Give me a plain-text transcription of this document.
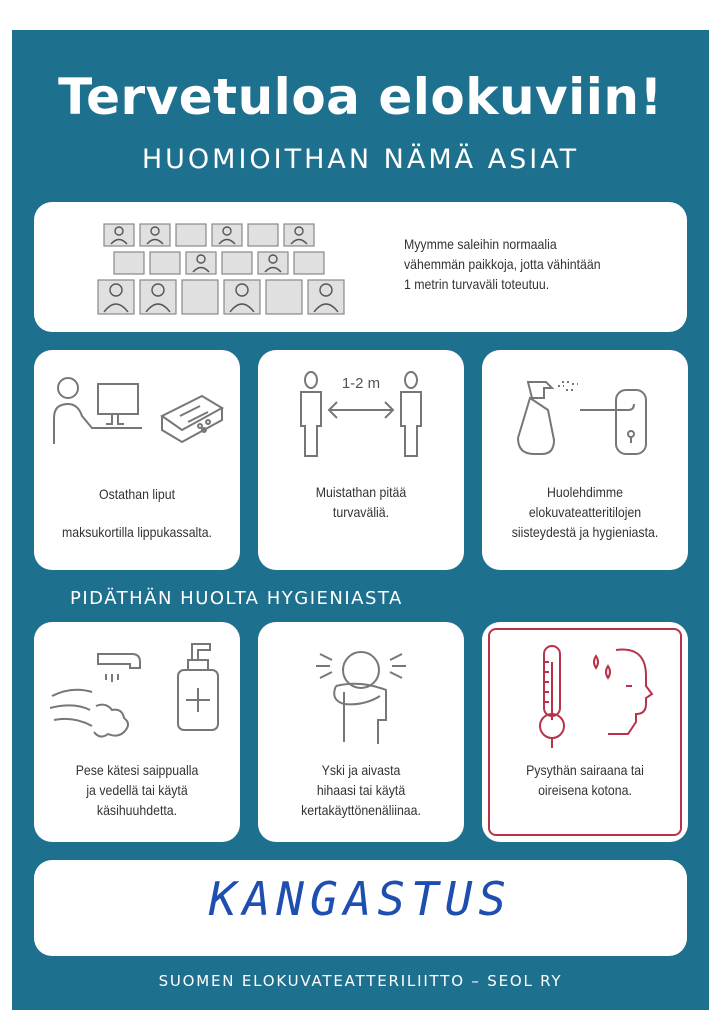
Tervetuloa elokuviin!
HUOMIOITHAN NÄMÄ ASIAT
Myymme saleihin normaalia
vähemmän paikkoja, jotta vähintään
1 metrin turvaväli toteutuu.
Ostathan liput
maksukortilla lippukassalta.
1-2 m
Muistathan pitää
turvaväliä.
Huolehdimme
elokuvateatteritilojen
siisteydestä ja hygieniasta.
PIDÄTHÄN HUOLTA HYGIENIASTA
Pese kätesi saippualla
ja vedellä tai käytä
käsihuuhdetta.
Yski ja aivasta
hihaasi tai käytä
kertakäyttönenäliinaa.
Pysythän sairaana tai
oireisena kotona.
KANGASTUS
SUOMEN ELOKUVATEATTERILIITTO – SEOL RY
